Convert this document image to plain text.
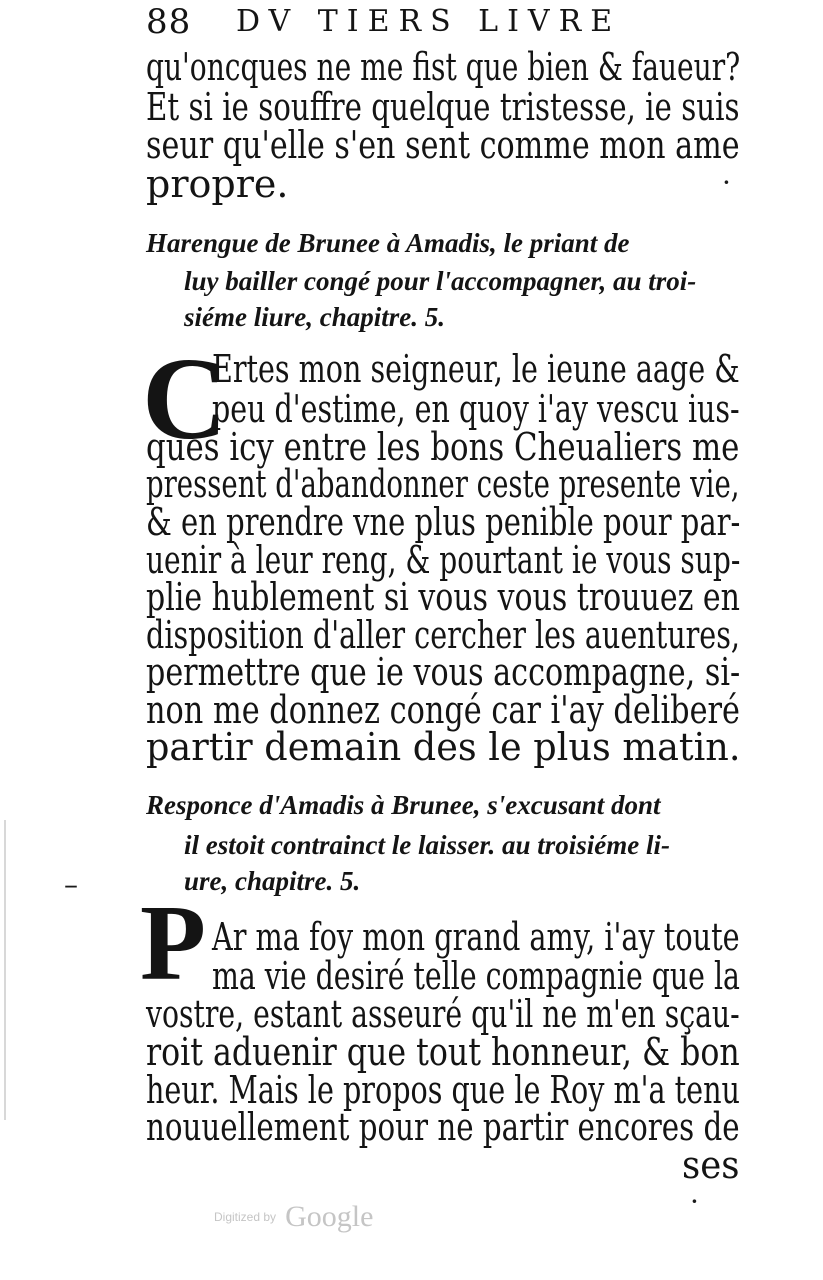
88 DV TIERS LIVRE
qu'oncques ne me fist que bien & faueur?
Et si ie souffre quelque tristesse, ie suis
seur qu'elle s'en sent comme mon ame
propre.
Harengue de Brunee à Amadis, le priant de
luy bailler congé pour l'accompagner, au troi-
siéme liure, chapitre. 5.
C
Ertes mon seigneur, le ieune aage &
peu d'estime, en quoy i'ay vescu ius-
ques icy entre les bons Cheualiers me
pressent d'abandonner ceste presente vie,
& en prendre vne plus penible pour par-
uenir à leur reng, & pourtant ie vous sup-
plie hublement si vous vous trouuez en
disposition d'aller cercher les auentures,
permettre que ie vous accompagne, si-
non me donnez congé car i'ay deliberé
partir demain des le plus matin.
Responce d'Amadis à Brunee, s'excusant dont
il estoit contrainct le laisser. au troisiéme li-
ure, chapitre. 5.
P Ar ma foy mon grand amy, i'ay toute
ma vie desiré telle compagnie que la
vostre, estant asseuré qu'il ne m'en sçau-
roit aduenir que tout honneur, & bon
heur. Mais le propos que le Roy m'a tenu
nouuellement pour ne partir encores de
ses
–
·
·
Digitized by Google
